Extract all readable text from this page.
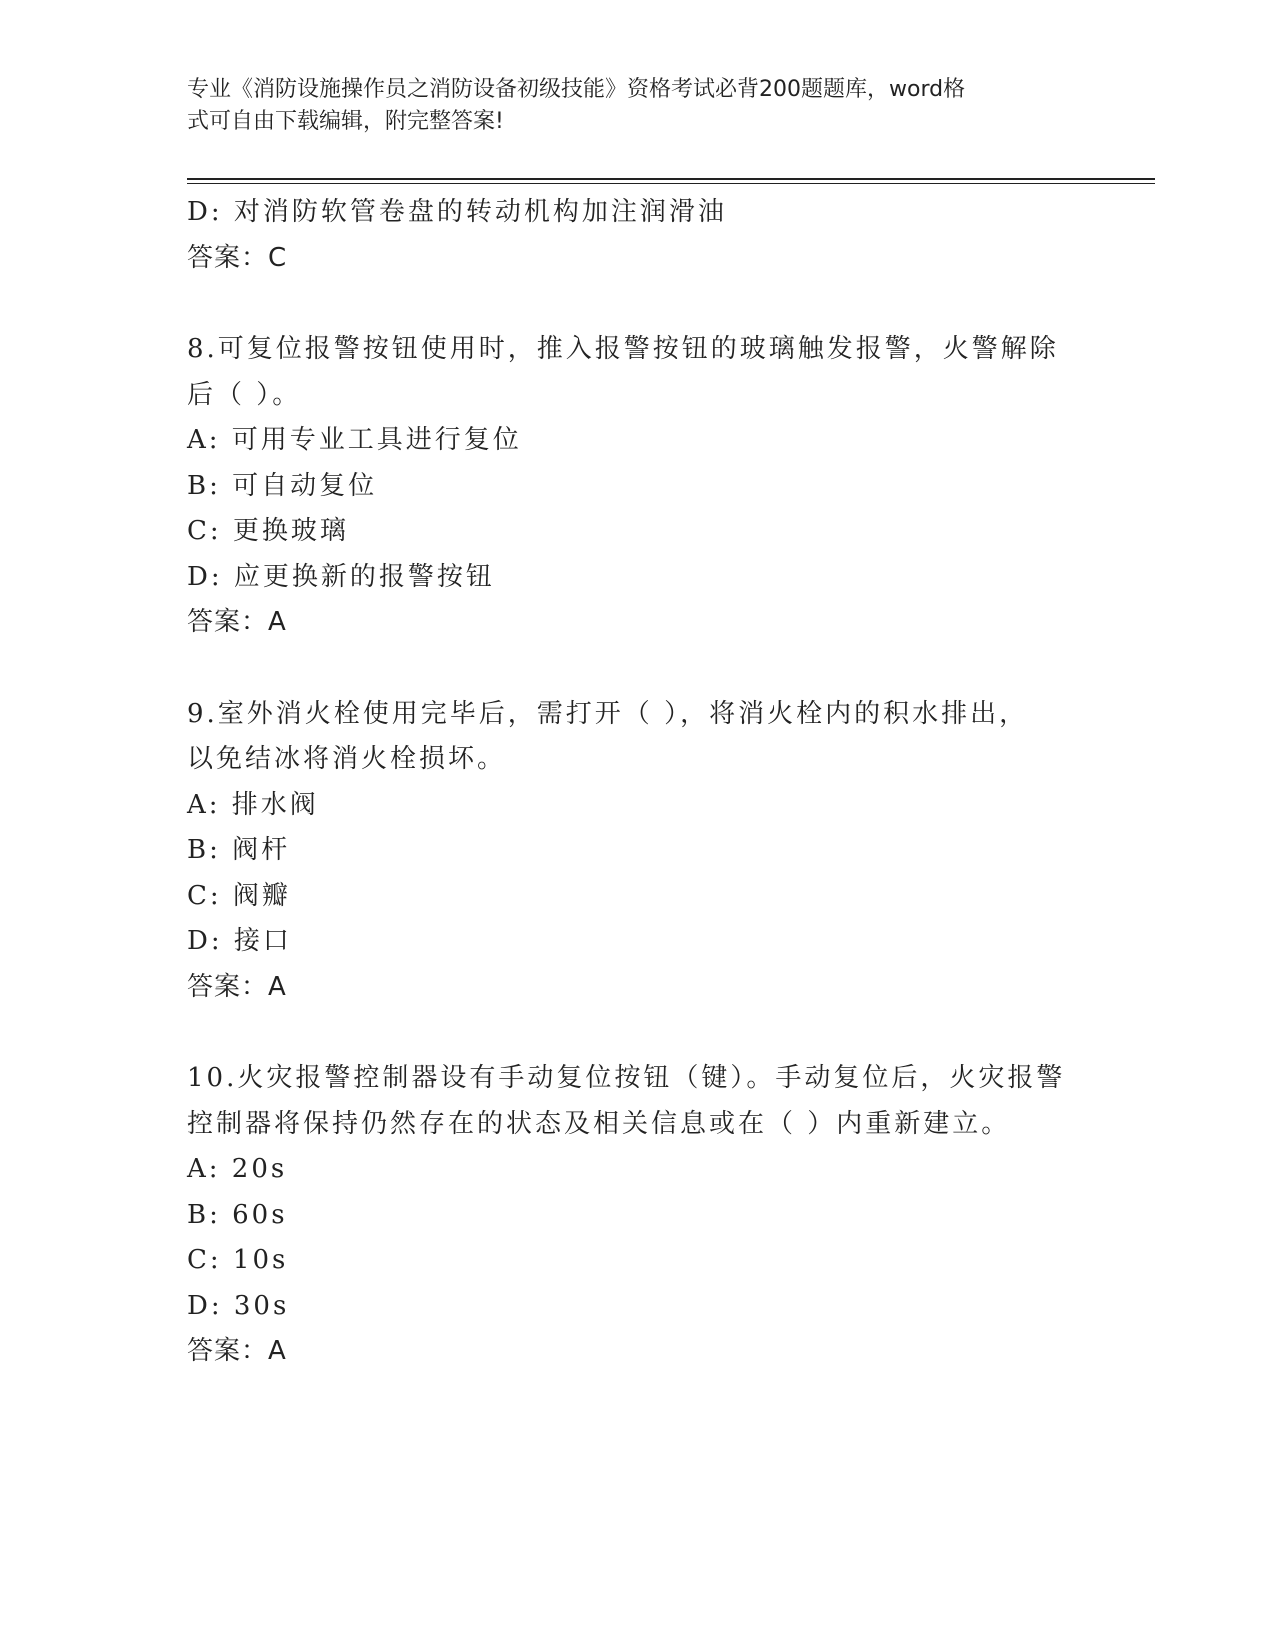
专业《消防设施操作员之消防设备初级技能》资格考试必背200题题库，word格
式可自由下载编辑，附完整答案!
D: 对消防软管卷盘的转动机构加注润滑油
答案：C
8.可复位报警按钮使用时，推入报警按钮的玻璃触发报警，火警解除
后（ ）。
A: 可用专业工具进行复位
B: 可自动复位
C: 更换玻璃
D: 应更换新的报警按钮
答案：A
9.室外消火栓使用完毕后，需打开（ ），将消火栓内的积水排出，
以免结冰将消火栓损坏。
A: 排水阀
B: 阀杆
C: 阀瓣
D: 接口
答案：A
10.火灾报警控制器设有手动复位按钮（键）。手动复位后，火灾报警
控制器将保持仍然存在的状态及相关信息或在（ ）内重新建立。
A: 20s
B: 60s
C: 10s
D: 30s
答案：A
